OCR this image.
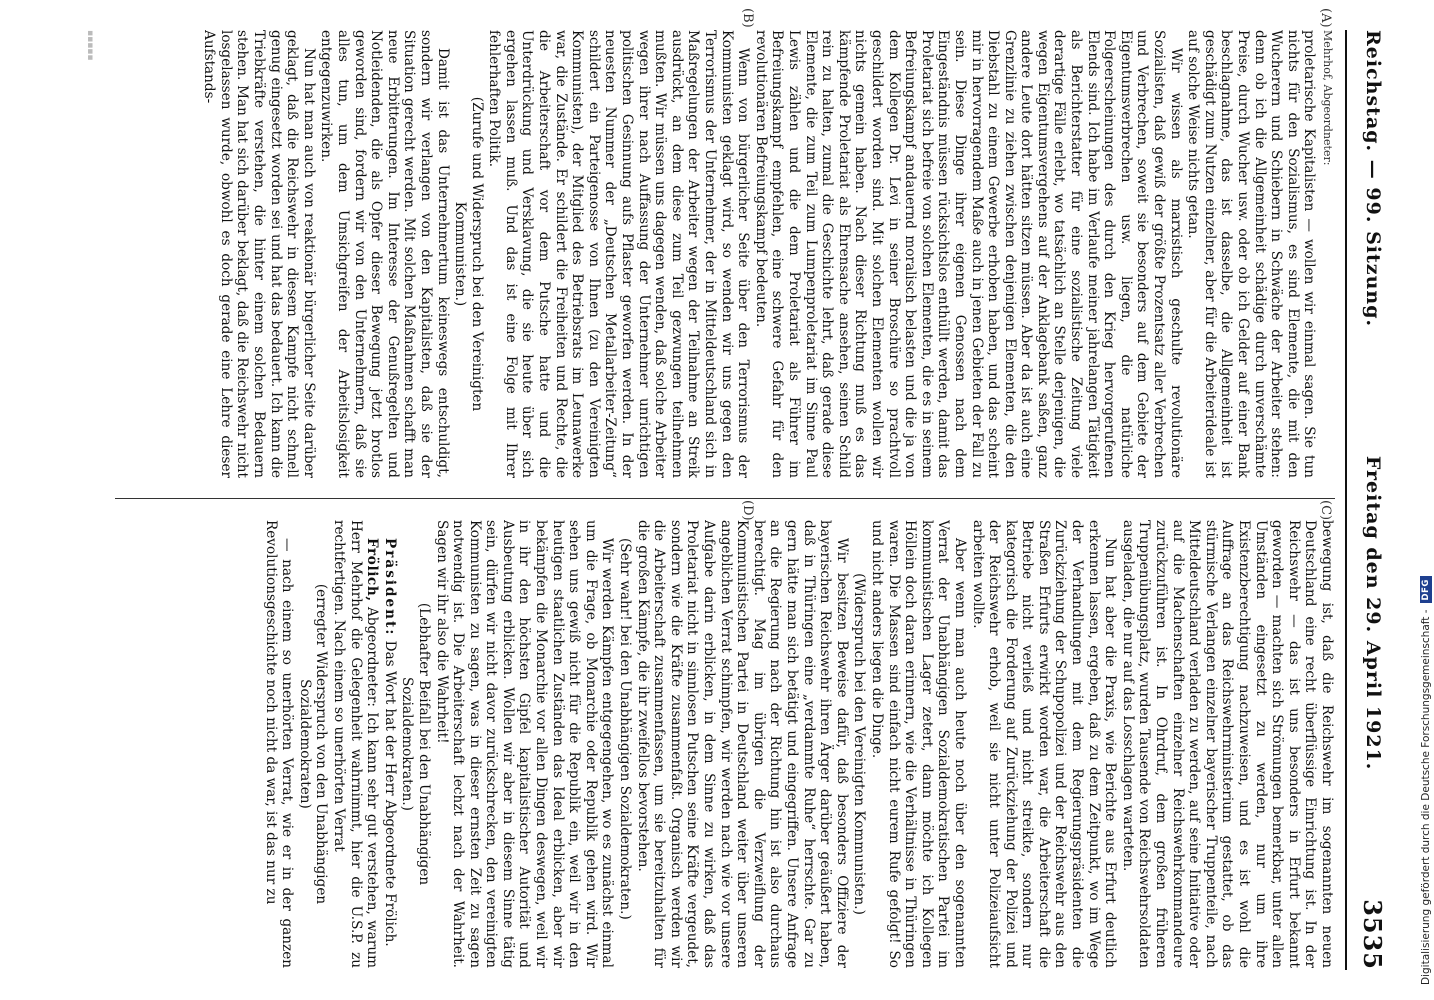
Reichstag. — 99. Sitzung.
Freitag den 29. April 1921.
3535
(A)
(B)
(C)
(D)

Mehrhof, Abgeordneter:

proletarische Kapitalisten — wollen wir einmal sagen. Sie tun nichts für den Sozialismus, es sind Elemente, die mit den Wucherern und Schiebern in Schwäche der Arbeiter stehen: denn ob ich die Allgemeinheit schädige durch unverschämte Preise, durch Wucher usw. oder ob ich Gelder auf einer Bank beschlagnahme, das ist dasselbe, die Allgemeinheit ist geschädigt zum Nutzen einzelner, aber für die Arbeiterideale ist auf solche Weise nichts getan.

Wir wissen als marxistisch geschulte revolutionäre Sozialisten, daß gewiß der größte Prozentsatz aller Verbrechen und Verbrechen, soweit sie besonders auf dem Gebiete der Eigentumsverbrechen usw. liegen, die natürliche Folgeerscheinungen des durch den Krieg hervorgerufenen Elends sind. Ich habe im Verlaufe meiner jahrelangen Tätigkeit als Berichterstatter für eine sozialistische Zeitung viele derartige Fälle erlebt, wo tatsächlich an Stelle derjenigen, die wegen Eigentumsvergehens auf der Anklagebank saßen, ganz andere Leute dort hätten sitzen müssen. Aber da ist auch eine Grenzlinie zu ziehen zwischen denjenigen Elementen, die den Diebstahl zu einem Gewerbe erhoben haben, und das scheint mir in hervorragendem Maße auch in jenen Gebieten der Fall zu sein. Diese Dinge ihrer eigenen Genossen nach dem Eingeständnis müssen rücksichtslos enthüllt werden, damit das Proletariat sich befreie von solchen Elementen, die es in seinem Befreiungskampf andauernd moralisch belasten und die ja von dem Kollegen Dr. Levi in seiner Broschüre so prachtvoll geschildert worden sind. Mit solchen Elementen wollen wir nichts gemein haben. Nach dieser Richtung muß es das kämpfende Proletariat als Ehrensache ansehen, seinen Schild rein zu halten, zumal die Geschichte lehrt, daß gerade diese Elemente, die zum Teil zum Lumpenproletariat im Sinne Paul Lewis zählen und die dem Proletariat als Führer im Befreiungskampf empfehlen, eine schwere Gefahr für den revolutionären Befreiungskampf bedeuten.

Wenn von bürgerlicher Seite über den Terrorismus der Kommunisten geklagt wird, so wenden wir uns gegen den Terrorismus der Unternehmer, der in Mitteldeutschland sich in Maßregelungen der Arbeiter wegen der Teilnahme an Streik ausdrückt, an dem diese zum Teil gezwungen teilnehmen mußten. Wir müssen uns dagegen wenden, daß solche Arbeiter wegen ihrer nach Auffassung der Unternehmer unrichtigen politischen Gesinnung aufs Pflaster geworfen werden. In der neuesten Nummer der „Deutschen Metallarbeiter-Zeitung“ schildert ein Parteigenosse von Ihnen (zu den Vereinigten Kommunisten), der Mitglied des Betriebsrats im Leunawerke war, die Zustände. Er schildert die Freiheiten und Rechte, die die Arbeiterschaft vor dem Putsche hatte und die Unterdrückung und Versklavung, die sie heute über sich ergehen lassen muß. Und das ist eine Folge mit Ihrer fehlerhaften Politik.

(Zurufe und Widerspruch bei den Vereinigten Kommunisten.)

Damit ist das Unternehmertum keineswegs entschuldigt, sondern wir verlangen von den Kapitalisten, daß sie der Situation gerecht werden. Mit solchen Maßnahmen schafft man neue Erbitterungen. Im Interesse der Genußregelten und Notleidenden, die als Opfer dieser Bewegung jetzt brotlos geworden sind, fordern wir von den Unternehmern, daß sie alles tun, um dem Umsichgreifen der Arbeitslosigkeit entgegenzuwirken.

Nun hat man auch von reaktionär bürgerlicher Seite darüber geklagt, daß die Reichswehr in diesem Kampfe nicht schnell genug eingesetzt worden sei und hat das bedauert. Ich kann die Triebkräfte verstehen, die hinter einem solchen Bedauern stehen. Man hat sich darüber beklagt, daß die Reichswehr nicht losgelassen wurde, obwohl es doch gerade eine Lehre dieser Aufstands-

bewegung ist, daß die Reichswehr im sogenannten neuen Deutschland eine recht überflüssige Einrichtung ist. In der Reichswehr — das ist uns besonders in Erfurt bekannt geworden — machten sich Strömungen bemerkbar, unter allen Umständen eingesetzt zu werden, nur um ihre Existenzberechtigung nachzuweisen, und es ist wohl die Auffrage an das Reichswehrministerium gestattet, ob das stürmische Verlangen einzelner bayerischer Truppenteile, nach Mitteldeutschland verladen zu werden, auf seine Initiative oder auf die Machenschaften einzelner Reichswehrkommandeure zurückzuführen ist. In Ohrdruf, dem großen früheren Truppenübungsplatz, wurden Tausende von Reichswehrsoldaten ausgeladen, die nur auf das Losschlagen warteten.

Nun hat aber die Praxis, wie Berichte aus Erfurt deutlich erkennen lassen, ergeben, daß zu dem Zeitpunkt, wo im Wege der Verhandlungen mit dem Regierungspräsidenten die Zurückziehung der Schupopolizei und der Reichswehr aus den Straßen Erfurts erwirkt worden war, die Arbeiterschaft die Betriebe nicht verließ und nicht streikte, sondern nur kategorisch die Forderung auf Zurückziehung der Polizei und der Reichswehr erhob, weil sie nicht unter Polizeiaufsicht arbeiten wollte.

Aber wenn man auch heute noch über den sogenannten Verrat der Unabhängigen Sozialdemokratischen Partei im kommunistischen Lager zetert, dann möchte ich Kollegen Höllein doch daran erinnern, wie die Verhältnisse in Thüringen waren. Die Massen sind einfach nicht eurem Rufe gefolgt! So und nicht anders liegen die Dinge.

(Widerspruch bei den Vereinigten Kommunisten.)

Wir besitzen Beweise dafür, daß besonders Offiziere der bayerischen Reichswehr ihren Ärger darüber geäußert haben, daß in Thüringen eine „verdammte Ruhe“ herrschte. Gar zu gern hätte man sich betätigt und eingegriffen. Unsere Anfrage an die Regierung nach der Richtung hin ist also durchaus berechtigt. Mag im übrigen die Verzweiflung der Kommunistischen Partei in Deutschland weiter über unseren angeblichen Verrat schimpfen, wir werden nach wie vor unsere Aufgabe darin erblicken, in dem Sinne zu wirken, daß das Proletariat nicht in sinnlosen Putschen seine Kräfte vergeudet, sondern wie die Kräfte zusammenfaßt. Organisch werden wir die Arbeiterschaft zusammenfassen, um sie bereitzuhalten für die großen Kämpfe, die ihr zweifellos bevorstehen.

(Sehr wahr! bei den Unabhängigen Sozialdemokraten.)

Wir werden Kämpfen entgegengehen, wo es zunächst einmal um die Frage, ob Monarchie oder Republik gehen wird. Wir sehen uns gewiß nicht für die Republik ein, weil wir in den heutigen staatlichen Zuständen das Ideal erblicken, aber wir bekämpfen die Monarchie vor allen Dingen deswegen, weil wir in ihr den höchsten Gipfel kapitalistischer Autorität und Ausbeutung erblicken. Wollen wir aber in diesem Sinne tätig sein, dürfen wir nicht davor zurückschrecken, den vereinigten Kommunisten zu sagen, was in dieser ernsten Zeit zu sagen notwendig ist. Die Arbeiterschaft lechzt nach der Wahrheit. Sagen wir ihr also die Wahrheit!

(Lebhafter Beifall bei den Unabhängigen Sozialdemokraten.)

Präsident: Das Wort hat der Herr Abgeordnete Frölich.

Frölich, Abgeordneter: Ich kann sehr gut verstehen, warum Herr Mehrhof die Gelegenheit wahrnimmt, hier die U.S.P. zu rechtfertigen. Nach einem so unerhörten Verrat

(erregter Widerspruch von den Unabhängigen Sozialdemokraten)

— nach einem so unerhörten Verrat, wie er in der ganzen Revolutionsgeschichte noch nicht da war, ist das nur zu

▪▪▪▪▪
Digitalisierung gefördert durch die Deutsche Forschungsgemeinschaft -
DFG
